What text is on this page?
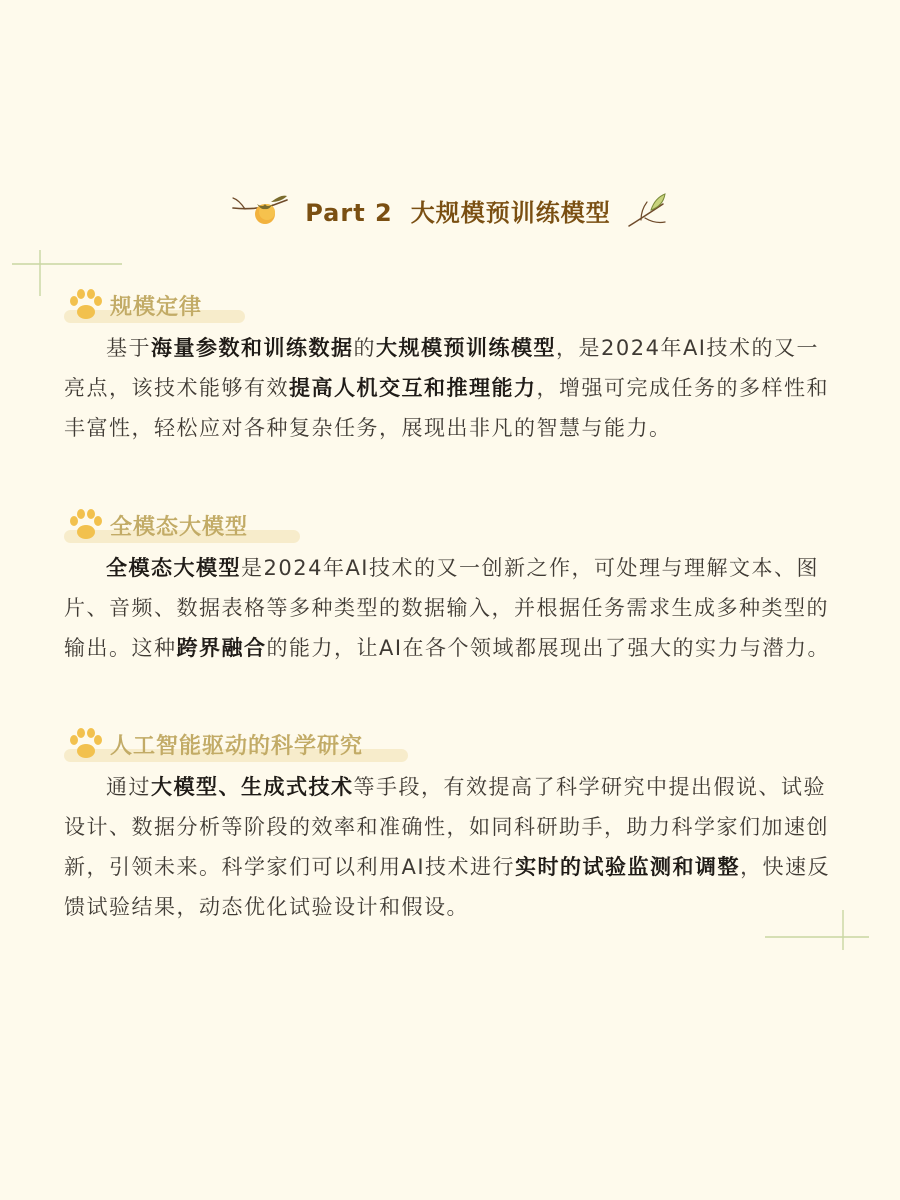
Part 2 大规模预训练模型
规模定律

基于海量参数和训练数据的大规模预训练模型，是2024年AI技术的又一亮点，该技术能够有效提高人机交互和推理能力，增强可完成任务的多样性和丰富性，轻松应对各种复杂任务，展现出非凡的智慧与能力。

全模态大模型

全模态大模型是2024年AI技术的又一创新之作，可处理与理解文本、图片、音频、数据表格等多种类型的数据输入，并根据任务需求生成多种类型的输出。这种跨界融合的能力，让AI在各个领域都展现出了强大的实力与潜力。

人工智能驱动的科学研究

通过大模型、生成式技术等手段，有效提高了科学研究中提出假说、试验设计、数据分析等阶段的效率和准确性，如同科研助手，助力科学家们加速创新，引领未来。科学家们可以利用AI技术进行实时的试验监测和调整，快速反馈试验结果，动态优化试验设计和假设。
